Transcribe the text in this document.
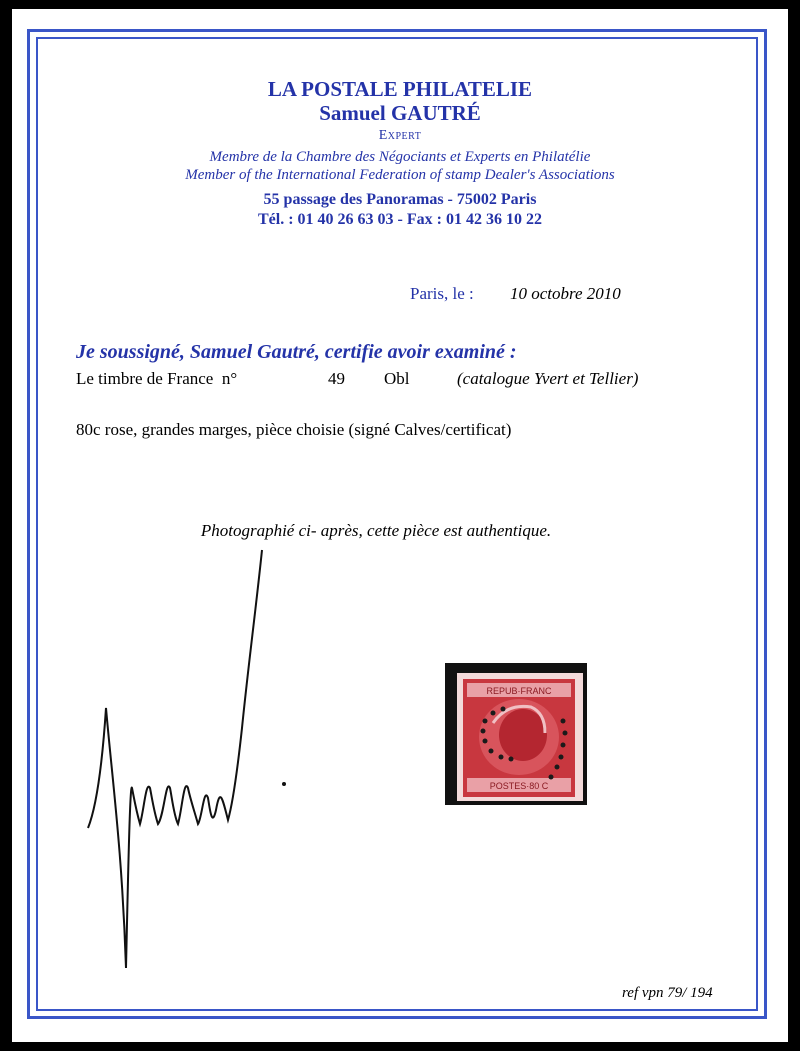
LA POSTALE PHILATELIE
Samuel GAUTRÉ
Expert
Membre de la Chambre des Négociants et Experts en Philatélie
Member of the International Federation of stamp Dealer's Associations
55 passage des Panoramas - 75002 Paris
Tél. : 01 40 26 63 03 - Fax : 01 42 36 10 22
Paris, le : 10 octobre 2010
Je soussigné, Samuel Gautré, certifie avoir examiné :
Le timbre de France  n°	49 Obl	(catalogue Yvert et Tellier)
80c rose, grandes marges, pièce choisie (signé Calves/certificat)
Photographié ci- après, cette pièce est authentique.
REPUB·FRANC
POSTES·80 C
ref vpn 79/ 194
